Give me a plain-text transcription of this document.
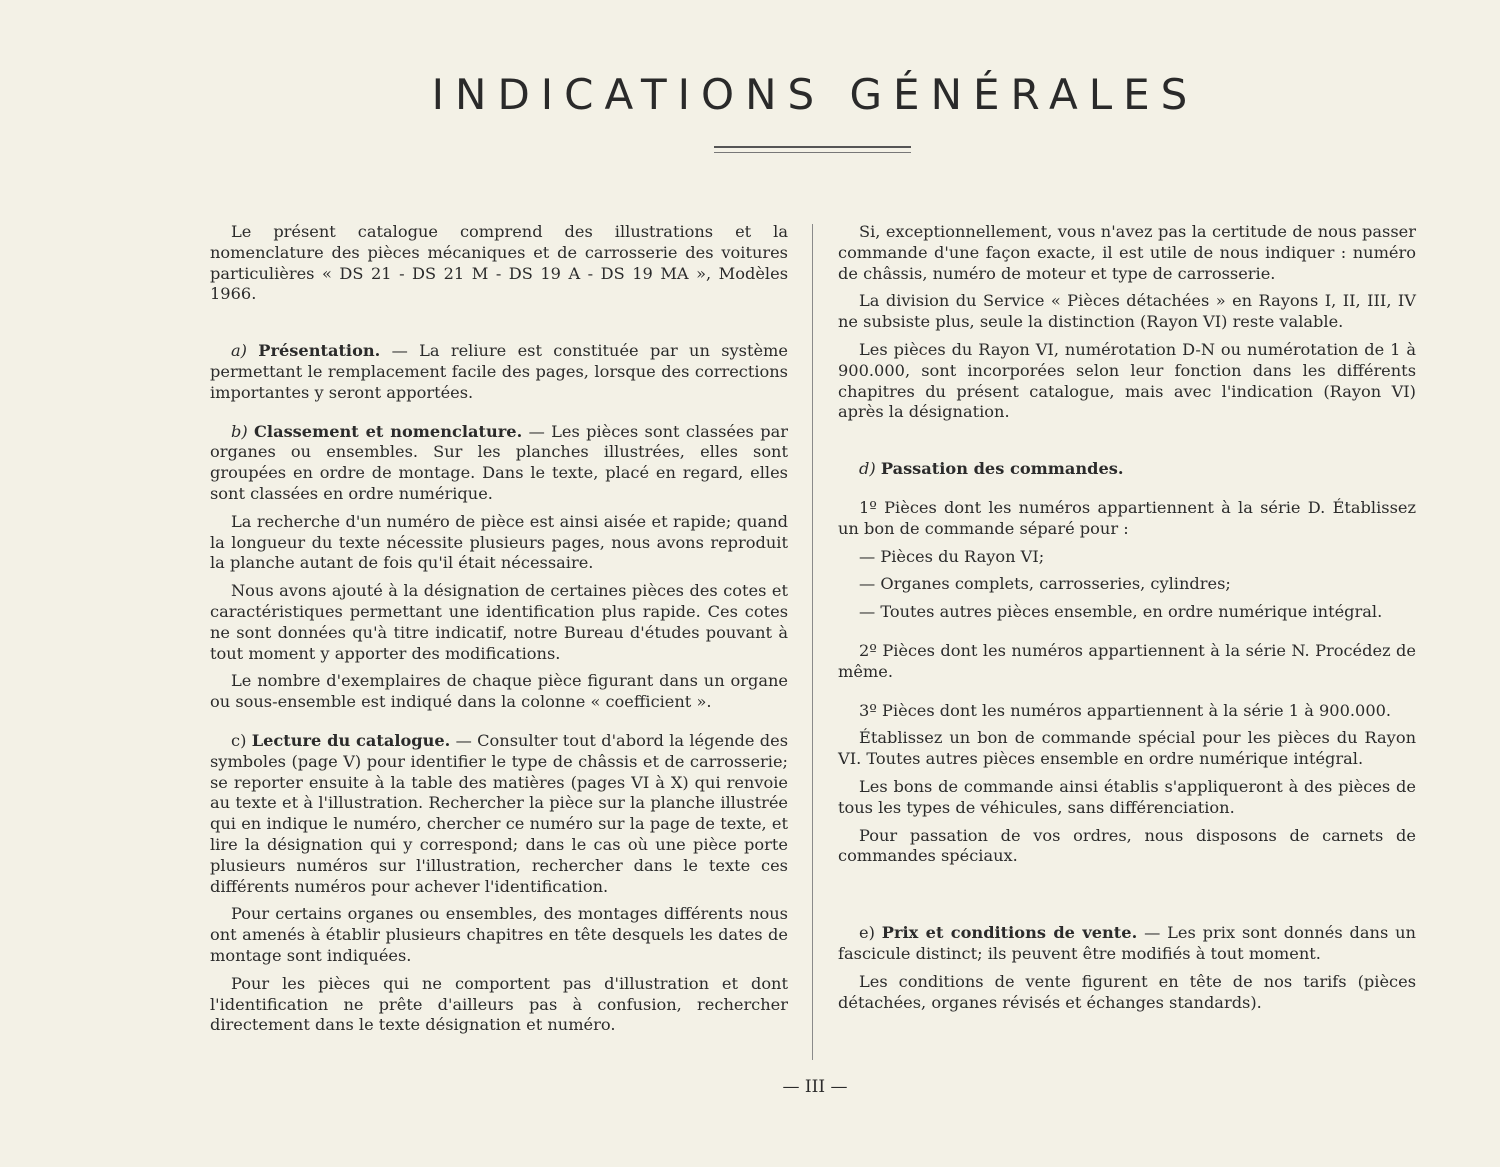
INDICATIONS GÉNÉRALES

Le présent catalogue comprend des illustrations et la nomenclature des pièces mécaniques et de carrosserie des voitures particulières « DS 21 - DS 21 M - DS 19 A - DS 19 MA », Modèles 1966.

a) Présentation. — La reliure est constituée par un système permettant le remplacement facile des pages, lorsque des corrections importantes y seront apportées.

b) Classement et nomenclature. — Les pièces sont classées par organes ou ensembles. Sur les planches illustrées, elles sont groupées en ordre de montage. Dans le texte, placé en regard, elles sont classées en ordre numérique.

La recherche d'un numéro de pièce est ainsi aisée et rapide; quand la longueur du texte nécessite plusieurs pages, nous avons reproduit la planche autant de fois qu'il était nécessaire.

Nous avons ajouté à la désignation de certaines pièces des cotes et caractéristiques permettant une identification plus rapide. Ces cotes ne sont données qu'à titre indicatif, notre Bureau d'études pouvant à tout moment y apporter des modifications.

Le nombre d'exemplaires de chaque pièce figurant dans un organe ou sous-ensemble est indiqué dans la colonne « coefficient ».

c) Lecture du catalogue. — Consulter tout d'abord la légende des symboles (page V) pour identifier le type de châssis et de carrosserie; se reporter ensuite à la table des matières (pages VI à X) qui renvoie au texte et à l'illustration. Rechercher la pièce sur la planche illustrée qui en indique le numéro, chercher ce numéro sur la page de texte, et lire la désignation qui y correspond; dans le cas où une pièce porte plusieurs numéros sur l'illustration, rechercher dans le texte ces différents numéros pour achever l'identification.

Pour certains organes ou ensembles, des montages différents nous ont amenés à établir plusieurs chapitres en tête desquels les dates de montage sont indiquées.

Pour les pièces qui ne comportent pas d'illustration et dont l'identification ne prête d'ailleurs pas à confusion, rechercher directement dans le texte désignation et numéro.

Si, exceptionnellement, vous n'avez pas la certitude de nous passer commande d'une façon exacte, il est utile de nous indiquer : numéro de châssis, numéro de moteur et type de carrosserie.

La division du Service « Pièces détachées » en Rayons I, II, III, IV ne subsiste plus, seule la distinction (Rayon VI) reste valable.

Les pièces du Rayon VI, numérotation D-N ou numérotation de 1 à 900.000, sont incorporées selon leur fonction dans les différents chapitres du présent catalogue, mais avec l'indication (Rayon VI) après la désignation.

d) Passation des commandes.

1º Pièces dont les numéros appartiennent à la série D. Établissez un bon de commande séparé pour :

— Pièces du Rayon VI;

— Organes complets, carrosseries, cylindres;

— Toutes autres pièces ensemble, en ordre numérique intégral.

2º Pièces dont les numéros appartiennent à la série N. Procédez de même.

3º Pièces dont les numéros appartiennent à la série 1 à 900.000.

Établissez un bon de commande spécial pour les pièces du Rayon VI. Toutes autres pièces ensemble en ordre numérique intégral.

Les bons de commande ainsi établis s'appliqueront à des pièces de tous les types de véhicules, sans différenciation.

Pour passation de vos ordres, nous disposons de carnets de commandes spéciaux.

e) Prix et conditions de vente. — Les prix sont donnés dans un fascicule distinct; ils peuvent être modifiés à tout moment.

Les conditions de vente figurent en tête de nos tarifs (pièces détachées, organes révisés et échanges standards).

— III —
